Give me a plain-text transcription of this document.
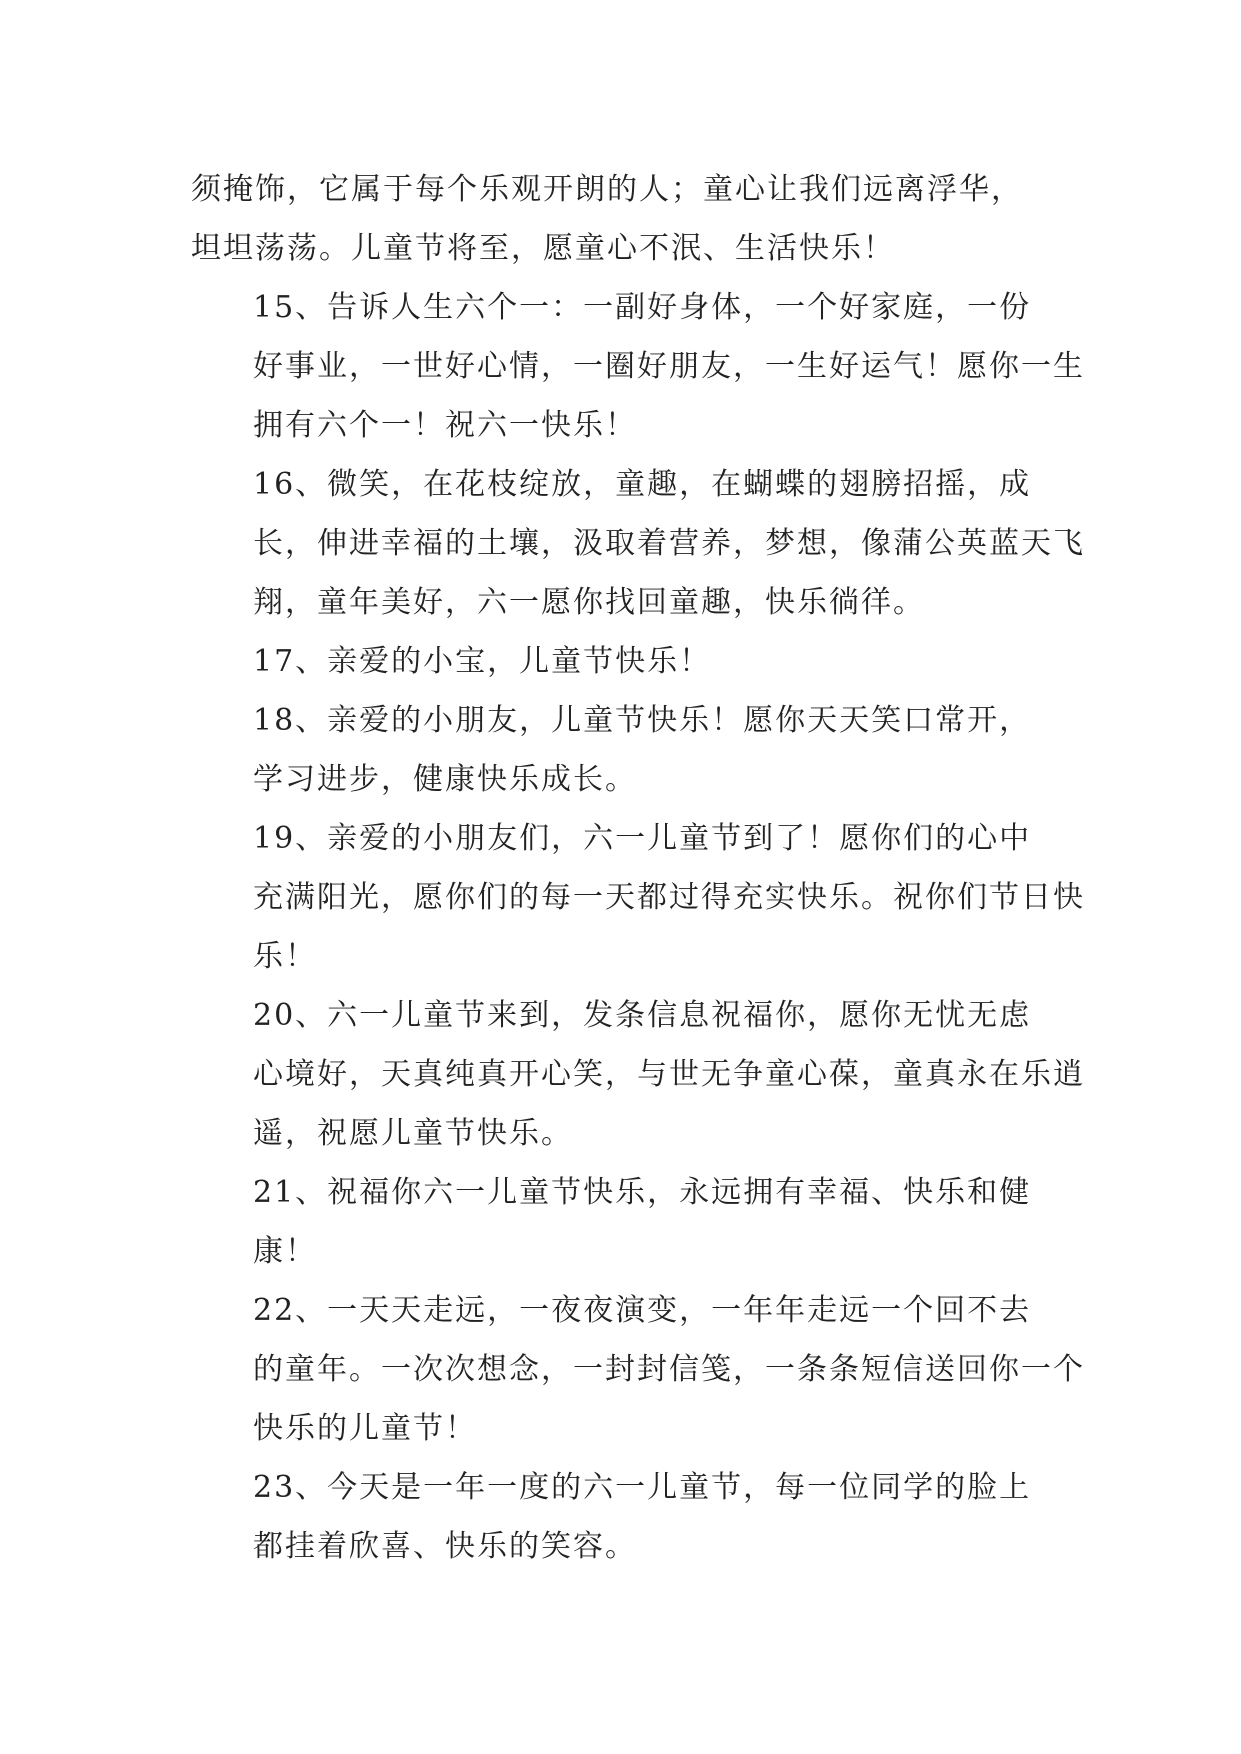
须掩饰，它属于每个乐观开朗的人；童心让我们远离浮华，
坦坦荡荡。儿童节将至，愿童心不泯、生活快乐！

15、告诉人生六个一：一副好身体，一个好家庭，一份
好事业，一世好心情，一圈好朋友，一生好运气！愿你一生
拥有六个一！祝六一快乐！

16、微笑，在花枝绽放，童趣，在蝴蝶的翅膀招摇，成
长，伸进幸福的土壤，汲取着营养，梦想，像蒲公英蓝天飞
翔，童年美好，六一愿你找回童趣，快乐徜徉。

17、亲爱的小宝，儿童节快乐！

18、亲爱的小朋友，儿童节快乐！愿你天天笑口常开，
学习进步，健康快乐成长。

19、亲爱的小朋友们，六一儿童节到了！愿你们的心中
充满阳光，愿你们的每一天都过得充实快乐。祝你们节日快
乐！

20、六一儿童节来到，发条信息祝福你，愿你无忧无虑
心境好，天真纯真开心笑，与世无争童心葆，童真永在乐逍
遥，祝愿儿童节快乐。

21、祝福你六一儿童节快乐，永远拥有幸福、快乐和健
康！

22、一天天走远，一夜夜演变，一年年走远一个回不去
的童年。一次次想念，一封封信笺，一条条短信送回你一个
快乐的儿童节！

23、今天是一年一度的六一儿童节，每一位同学的脸上
都挂着欣喜、快乐的笑容。
